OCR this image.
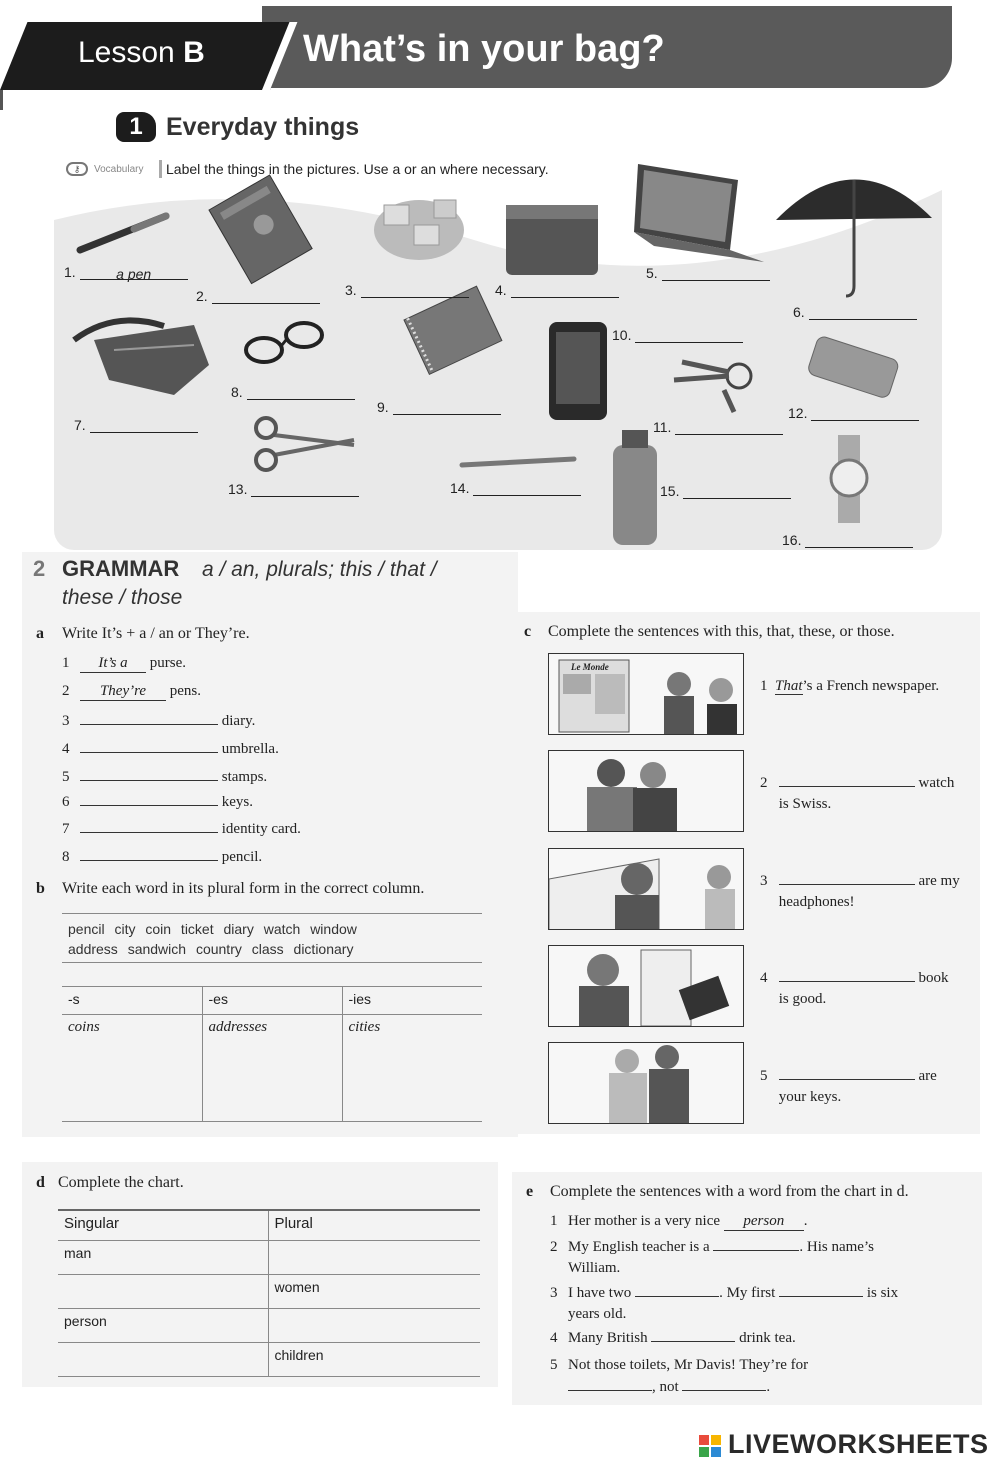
Lesson B	What’s in your bag?
1 Everyday things
⚷	Vocabulary Label the things in the pictures. Use a or an where necessary.
1.	a pen
2.	3.	4.
5.
6.
7.
8.
9.
10.
11.
12.
13.	14.	15.
16.
2 GRAMMAR a / an, plurals; this / that /
these / those
a Write It’s + a / an or They’re.
1 It’s a purse.
2 They’re pens.
3	diary.
4	umbrella.
5	stamps.
6	keys.
7	identity card.
8	pencil.
b Write each word in its plural form in the correct column.
pencil city coin ticket diary watch window
address sandwich country class dictionary
-s	-es	-ies
coins	addresses	cities
c Complete the sentences with this, that, these, or those.
Le Monde
1 That’s a French newspaper.
2	watch
is Swiss.
3	are my
headphones!
4	book
is good.
5	are
your keys.
d Complete the chart.
Singular	Plural
man	
	women
person	
	children
e Complete the sentences with a word from the chart in d.
1 Her mother is a very nice person .
2 My English teacher is a	. His name’s
William.
3 I have two	. My first	is six
years old.
4 Many British	drink tea.
5 Not those toilets, Mr Davis! They’re for
, not	.
LIVEWORKSHEETS
